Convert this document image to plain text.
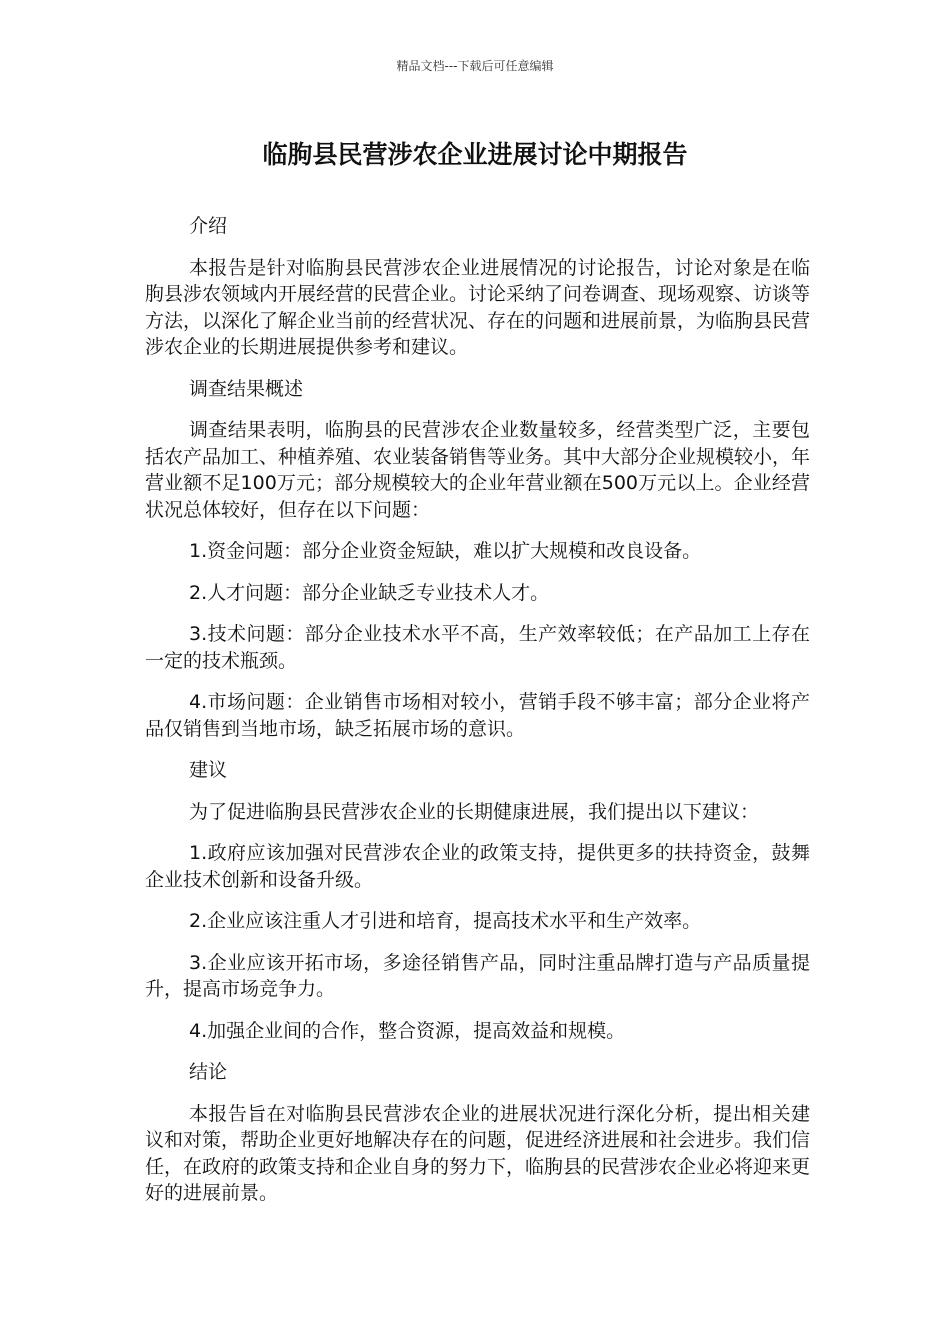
精品文档---下载后可任意编辑
临朐县民营涉农企业进展讨论中期报告

介绍

本报告是针对临朐县民营涉农企业进展情况的讨论报告，讨论对象是在临朐县涉农领域内开展经营的民营企业。讨论采纳了问卷调查、现场观察、访谈等方法，以深化了解企业当前的经营状况、存在的问题和进展前景，为临朐县民营涉农企业的长期进展提供参考和建议。

调查结果概述

调查结果表明，临朐县的民营涉农企业数量较多，经营类型广泛，主要包括农产品加工、种植养殖、农业装备销售等业务。其中大部分企业规模较小，年营业额不足100万元；部分规模较大的企业年营业额在500万元以上。企业经营状况总体较好，但存在以下问题：

1.资金问题：部分企业资金短缺，难以扩大规模和改良设备。

2.人才问题：部分企业缺乏专业技术人才。

3.技术问题：部分企业技术水平不高，生产效率较低；在产品加工上存在一定的技术瓶颈。

4.市场问题：企业销售市场相对较小，营销手段不够丰富；部分企业将产品仅销售到当地市场，缺乏拓展市场的意识。

建议

为了促进临朐县民营涉农企业的长期健康进展，我们提出以下建议：

1.政府应该加强对民营涉农企业的政策支持，提供更多的扶持资金，鼓舞企业技术创新和设备升级。

2.企业应该注重人才引进和培育，提高技术水平和生产效率。

3.企业应该开拓市场，多途径销售产品，同时注重品牌打造与产品质量提升，提高市场竞争力。

4.加强企业间的合作，整合资源，提高效益和规模。

结论

本报告旨在对临朐县民营涉农企业的进展状况进行深化分析，提出相关建议和对策，帮助企业更好地解决存在的问题，促进经济进展和社会进步。我们信任，在政府的政策支持和企业自身的努力下，临朐县的民营涉农企业必将迎来更好的进展前景。
